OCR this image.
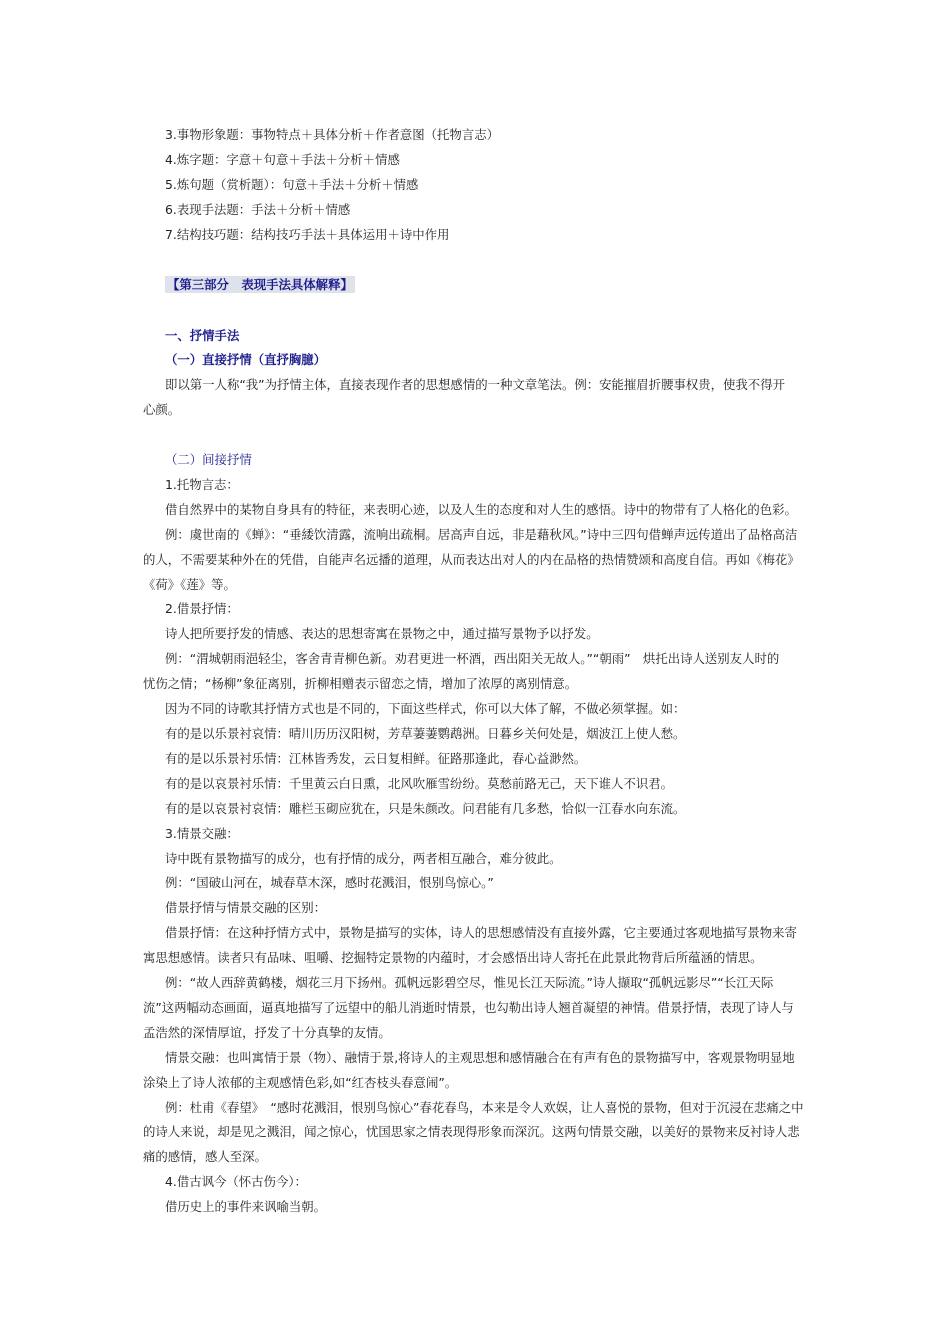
3.事物形象题：事物特点＋具体分析＋作者意图（托物言志）
4.炼字题：字意＋句意＋手法＋分析＋情感
5.炼句题（赏析题）：句意＋手法＋分析＋情感
6.表现手法题：手法＋分析＋情感
7.结构技巧题：结构技巧手法＋具体运用＋诗中作用
【第三部分　表现手法具体解释】
一、抒情手法
（一）直接抒情（直抒胸臆）
即以第一人称“我”为抒情主体，直接表现作者的思想感情的一种文章笔法。例：安能摧眉折腰事权贵，使我不得开
心颜。
（二）间接抒情
1.托物言志：
借自然界中的某物自身具有的特征，来表明心迹，以及人生的态度和对人生的感悟。诗中的物带有了人格化的色彩。
例：虞世南的《蝉》：“垂緌饮清露，流响出疏桐。居高声自远，非是藉秋风。”诗中三四句借蝉声远传道出了品格高洁
的人，不需要某种外在的凭借，自能声名远播的道理，从而表达出对人的内在品格的热情赞颂和高度自信。再如《梅花》
《荷》《莲》等。
2.借景抒情：
诗人把所要抒发的情感、表达的思想寄寓在景物之中，通过描写景物予以抒发。
例：“渭城朝雨浥轻尘，客舍青青柳色新。劝君更进一杯酒，西出阳关无故人。”“朝雨”　烘托出诗人送别友人时的
忧伤之情；“杨柳”象征离别，折柳相赠表示留恋之情，增加了浓厚的离别情意。
因为不同的诗歌其抒情方式也是不同的，下面这些样式，你可以大体了解，不做必须掌握。如：
有的是以乐景衬哀情：晴川历历汉阳树，芳草萋萋鹦鹉洲。日暮乡关何处是，烟波江上使人愁。
有的是以乐景衬乐情：江林皆秀发，云日复相鲜。征路那逢此，春心益渺然。
有的是以哀景衬乐情：千里黄云白日熏，北风吹雁雪纷纷。莫愁前路无己，天下谁人不识君。
有的是以哀景衬哀情：雕栏玉砌应犹在，只是朱颜改。问君能有几多愁，恰似一江春水向东流。
3.情景交融：
诗中既有景物描写的成分，也有抒情的成分，两者相互融合，难分彼此。
例：“国破山河在，城春草木深，感时花溅泪，恨别鸟惊心。”
借景抒情与情景交融的区别：
借景抒情：在这种抒情方式中，景物是描写的实体，诗人的思想感情没有直接外露，它主要通过客观地描写景物来寄
寓思想感情。读者只有品味、咀嚼、挖掘特定景物的内蕴时，才会感悟出诗人寄托在此景此物背后所蕴涵的情思。
例：“故人西辞黄鹤楼，烟花三月下扬州。孤帆远影碧空尽，惟见长江天际流。”诗人撷取“孤帆远影尽”“长江天际
流”这两幅动态画面，逼真地描写了远望中的船儿消逝时情景，也勾勒出诗人翘首凝望的神情。借景抒情，表现了诗人与
孟浩然的深情厚谊，抒发了十分真挚的友情。
情景交融：也叫寓情于景（物）、融情于景,将诗人的主观思想和感情融合在有声有色的景物描写中，客观景物明显地
涂染上了诗人浓郁的主观感情色彩,如“红杏枝头春意闹”。
例：杜甫《春望》　“感时花溅泪，恨别鸟惊心”春花春鸟，本来是令人欢娱，让人喜悦的景物，但对于沉浸在悲痛之中
的诗人来说，却是见之溅泪，闻之惊心，忧国思家之情表现得形象而深沉。这两句情景交融，以美好的景物来反衬诗人悲
痛的感情，感人至深。
4.借古讽今（怀古伤今）：
借历史上的事件来讽喻当朝。
